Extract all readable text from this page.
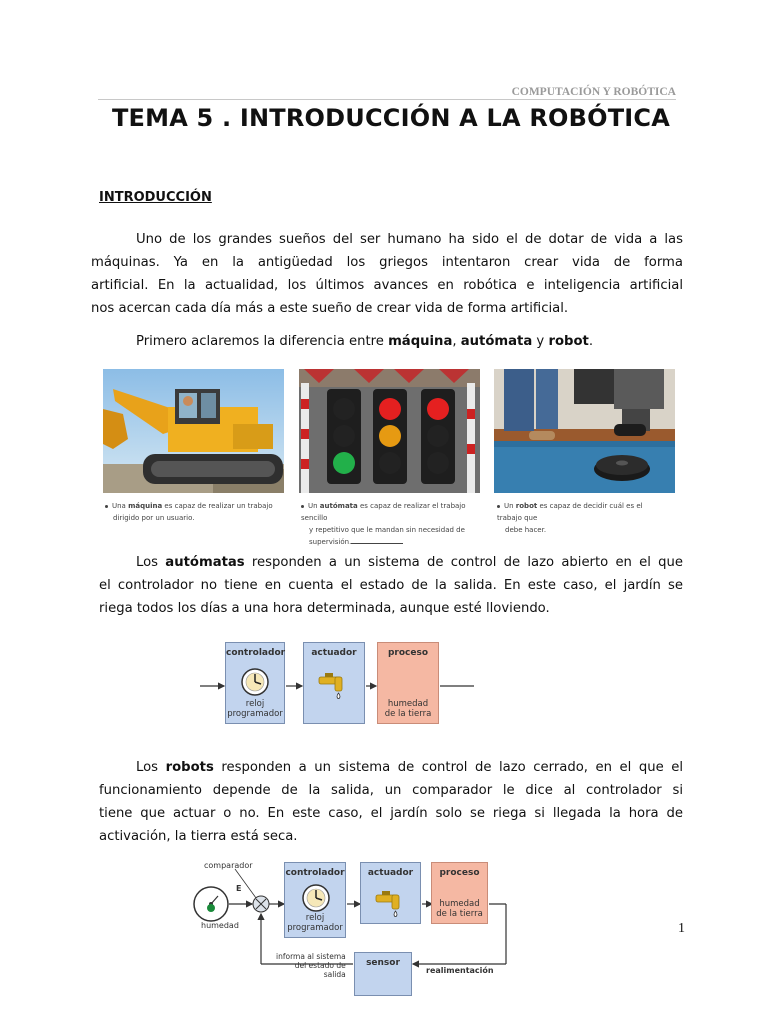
COMPUTACIÓN Y ROBÓTICA
TEMA 5 . INTRODUCCIÓN A LA ROBÓTICA
INTRODUCCIÓN
Uno de los grandes sueños del ser humano ha sido el de dotar de vida a las
máquinas. Ya en la antigüedad los griegos intentaron crear vida de forma
artificial. En la actualidad, los últimos avances en robótica e inteligencia artificial
nos acercan cada día más a este sueño de crear vida de forma artificial.
Primero aclaremos la diferencia entre máquina, autómata y robot.
Una máquina es capaz de realizar un trabajo
dirigido por un usuario.
Un autómata es capaz de realizar el trabajo sencillo
y repetitivo que le mandan sin necesidad de
supervisión.
Un robot es capaz de decidir cuál es el trabajo que
debe hacer.
Los autómatas responden a un sistema de control de lazo abierto en el que
el controlador no tiene en cuenta el estado de la salida. En este caso, el jardín se
riega todos los días a una hora determinada, aunque esté lloviendo.
controlador
reloj
programador
actuador	proceso
humedad
de la tierra
Los robots responden a un sistema de control de lazo cerrado, en el que el
funcionamiento depende de la salida, un comparador le dice al controlador si
tiene que actuar o no. En este caso, el jardín solo se riega si llegada la hora de
activación, la tierra está seca.
comparador
E
humedad
controlador
reloj
programador
actuador	proceso
humedad
de la tierra
sensor
informa al sistema
del estado de
salida	realimentación
1
